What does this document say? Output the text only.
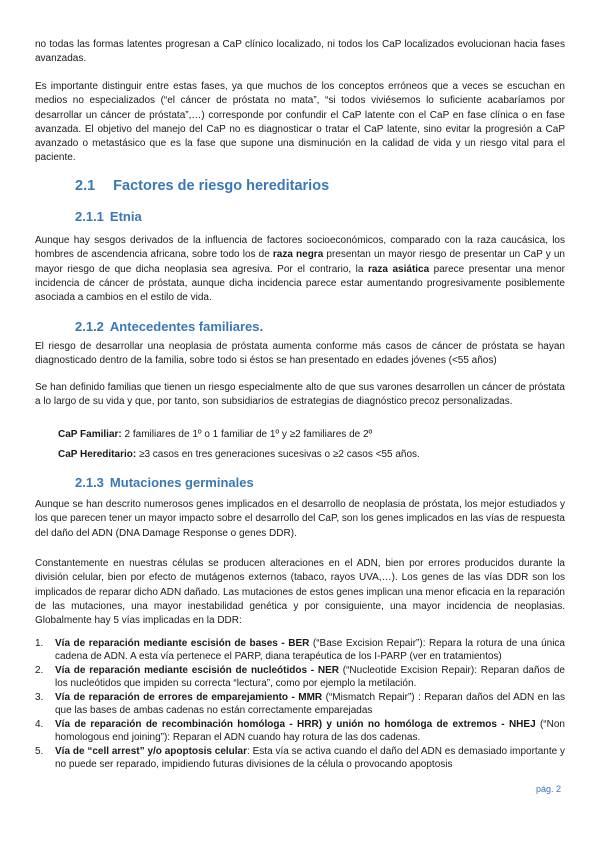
no todas las formas latentes progresan a CaP clínico localizado, ni todos los CaP localizados evolucionan hacia fases avanzadas.

Es importante distinguir entre estas fases, ya que muchos de los conceptos erróneos que a veces se escuchan en medios no especializados (“el cáncer de próstata no mata”, “si todos viviésemos lo suficiente acabaríamos por desarrollar un cáncer de próstata”,…) corresponde por confundir el CaP latente con el CaP en fase clínica o en fase avanzada. El objetivo del manejo del CaP no es diagnosticar o tratar el CaP latente, sino evitar la progresión a CaP avanzado o metastásico que es la fase que supone una disminución en la calidad de vida y un riesgo vital para el paciente.

2.1 Factores de riesgo hereditarios
2.1.1 Etnia

Aunque hay sesgos derivados de la influencia de factores socioeconómicos, comparado con la raza caucásica, los hombres de ascendencia africana, sobre todo los de raza negra presentan un mayor riesgo de presentar un CaP y un mayor riesgo de que dicha neoplasia sea agresiva. Por el contrario, la raza asiática parece presentar una menor incidencia de cáncer de próstata, aunque dicha incidencia parece estar aumentando progresivamente posiblemente asociada a cambios en el estilo de vida.

2.1.2 Antecedentes familiares.

El riesgo de desarrollar una neoplasia de próstata aumenta conforme más casos de cáncer de próstata se hayan diagnosticado dentro de la familia, sobre todo si éstos se han presentado en edades jóvenes (<55 años)

Se han definido familias que tienen un riesgo especialmente alto de que sus varones desarrollen un cáncer de próstata a lo largo de su vida y que, por tanto, son subsidiarios de estrategias de diagnóstico precoz personalizadas.

CaP Familiar: 2 familiares de 1º o 1 familiar de 1º y ≥2 familiares de 2º

CaP Hereditario: ≥3 casos en tres generaciones sucesivas o ≥2 casos <55 años.

2.1.3 Mutaciones germinales

Aunque se han descrito numerosos genes implicados en el desarrollo de neoplasia de próstata, los mejor estudiados y los que parecen tener un mayor impacto sobre el desarrollo del CaP, son los genes implicados en las vías de respuesta del daño del ADN (DNA Damage Response o genes DDR).

Constantemente en nuestras células se producen alteraciones en el ADN, bien por errores producidos durante la división celular, bien por efecto de mutágenos externos (tabaco, rayos UVA,…). Los genes de las vías DDR son los implicados de reparar dicho ADN dañado. Las mutaciones de estos genes implican una menor eficacia en la reparación de las mutaciones, una mayor inestabilidad genética y por consiguiente, una mayor incidencia de neoplasias. Globalmente hay 5 vías implicadas en la DDR:

1. Vía de reparación mediante escisión de bases - BER (“Base Excision Repair”): Repara la rotura de una única cadena de ADN. A esta vía pertenece el PARP, diana terapéutica de los I-PARP (ver en tratamientos)
2. Vía de reparación mediante escisión de nucleótidos - NER (“Nucleotide Excision Repair): Reparan daños de los nucleótidos que impiden su correcta “lectura”, como por ejemplo la metilación.
3. Vía de reparación de errores de emparejamiento - MMR (“Mismatch Repair”) : Reparan daños del ADN en las que las bases de ambas cadenas no están correctamente emparejadas
4. Vía de reparación de recombinación homóloga - HRR) y unión no homóloga de extremos - NHEJ (“Non homologous end joining”): Reparan el ADN cuando hay rotura de las dos cadenas.
5. Vía de “cell arrest” y/o apoptosis celular: Esta vía se activa cuando el daño del ADN es demasiado importante y no puede ser reparado, impidiendo futuras divisiones de la célula o provocando apoptosis
pág. 2
